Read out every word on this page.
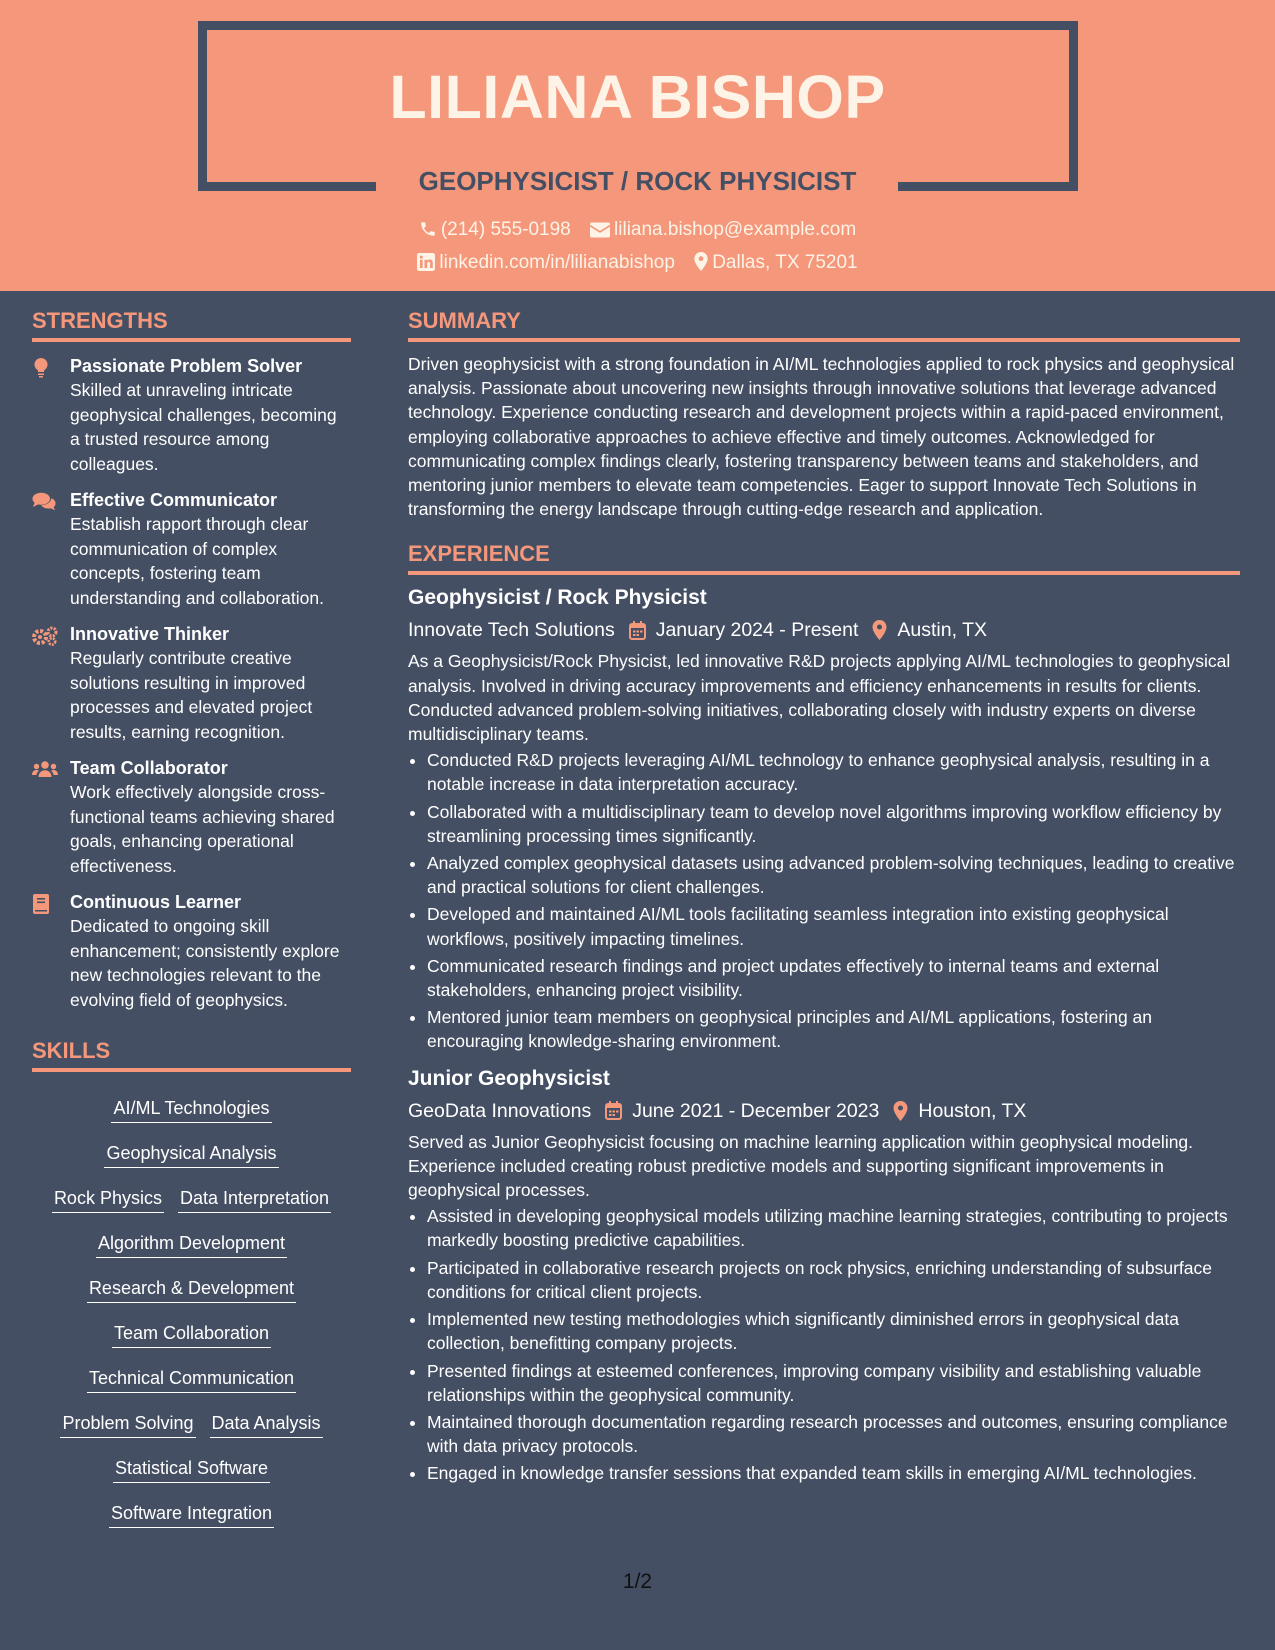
LILIANA BISHOP
GEOPHYSICIST / ROCK PHYSICIST
(214) 555-0198 liliana.bishop@example.com
linkedin.com/in/lilianabishop Dallas, TX 75201
STRENGTHS
Passionate Problem Solver
Skilled at unraveling intricate geophysical challenges, becoming a trusted resource among colleagues.
Effective Communicator
Establish rapport through clear communication of complex concepts, fostering team understanding and collaboration.
Innovative Thinker
Regularly contribute creative solutions resulting in improved processes and elevated project results, earning recognition.
Team Collaborator
Work effectively alongside cross-functional teams achieving shared goals, enhancing operational effectiveness.
Continuous Learner
Dedicated to ongoing skill enhancement; consistently explore new technologies relevant to the evolving field of geophysics.
SKILLS
AI/ML Technologies
Geophysical Analysis
Rock Physics Data Interpretation
Algorithm Development
Research & Development
Team Collaboration
Technical Communication
Problem Solving Data Analysis
Statistical Software
Software Integration
SUMMARY
Driven geophysicist with a strong foundation in AI/ML technologies applied to rock physics and geophysical analysis. Passionate about uncovering new insights through innovative solutions that leverage advanced technology. Experience conducting research and development projects within a rapid-paced environment, employing collaborative approaches to achieve effective and timely outcomes. Acknowledged for communicating complex findings clearly, fostering transparency between teams and stakeholders, and mentoring junior members to elevate team competencies. Eager to support Innovate Tech Solutions in transforming the energy landscape through cutting-edge research and application.
EXPERIENCE
Geophysicist / Rock Physicist
Innovate Tech Solutions January 2024 - Present Austin, TX
As a Geophysicist/Rock Physicist, led innovative R&D projects applying AI/ML technologies to geophysical analysis. Involved in driving accuracy improvements and efficiency enhancements in results for clients. Conducted advanced problem-solving initiatives, collaborating closely with industry experts on diverse multidisciplinary teams.
• Conducted R&D projects leveraging AI/ML technology to enhance geophysical analysis, resulting in a notable increase in data interpretation accuracy.
• Collaborated with a multidisciplinary team to develop novel algorithms improving workflow efficiency by streamlining processing times significantly.
• Analyzed complex geophysical datasets using advanced problem-solving techniques, leading to creative and practical solutions for client challenges.
• Developed and maintained AI/ML tools facilitating seamless integration into existing geophysical workflows, positively impacting timelines.
• Communicated research findings and project updates effectively to internal teams and external stakeholders, enhancing project visibility.
• Mentored junior team members on geophysical principles and AI/ML applications, fostering an encouraging knowledge-sharing environment.
Junior Geophysicist
GeoData Innovations June 2021 - December 2023 Houston, TX
Served as Junior Geophysicist focusing on machine learning application within geophysical modeling. Experience included creating robust predictive models and supporting significant improvements in geophysical processes.
• Assisted in developing geophysical models utilizing machine learning strategies, contributing to projects markedly boosting predictive capabilities.
• Participated in collaborative research projects on rock physics, enriching understanding of subsurface conditions for critical client projects.
• Implemented new testing methodologies which significantly diminished errors in geophysical data collection, benefitting company projects.
• Presented findings at esteemed conferences, improving company visibility and establishing valuable relationships within the geophysical community.
• Maintained thorough documentation regarding research processes and outcomes, ensuring compliance with data privacy protocols.
• Engaged in knowledge transfer sessions that expanded team skills in emerging AI/ML technologies.
1/2
